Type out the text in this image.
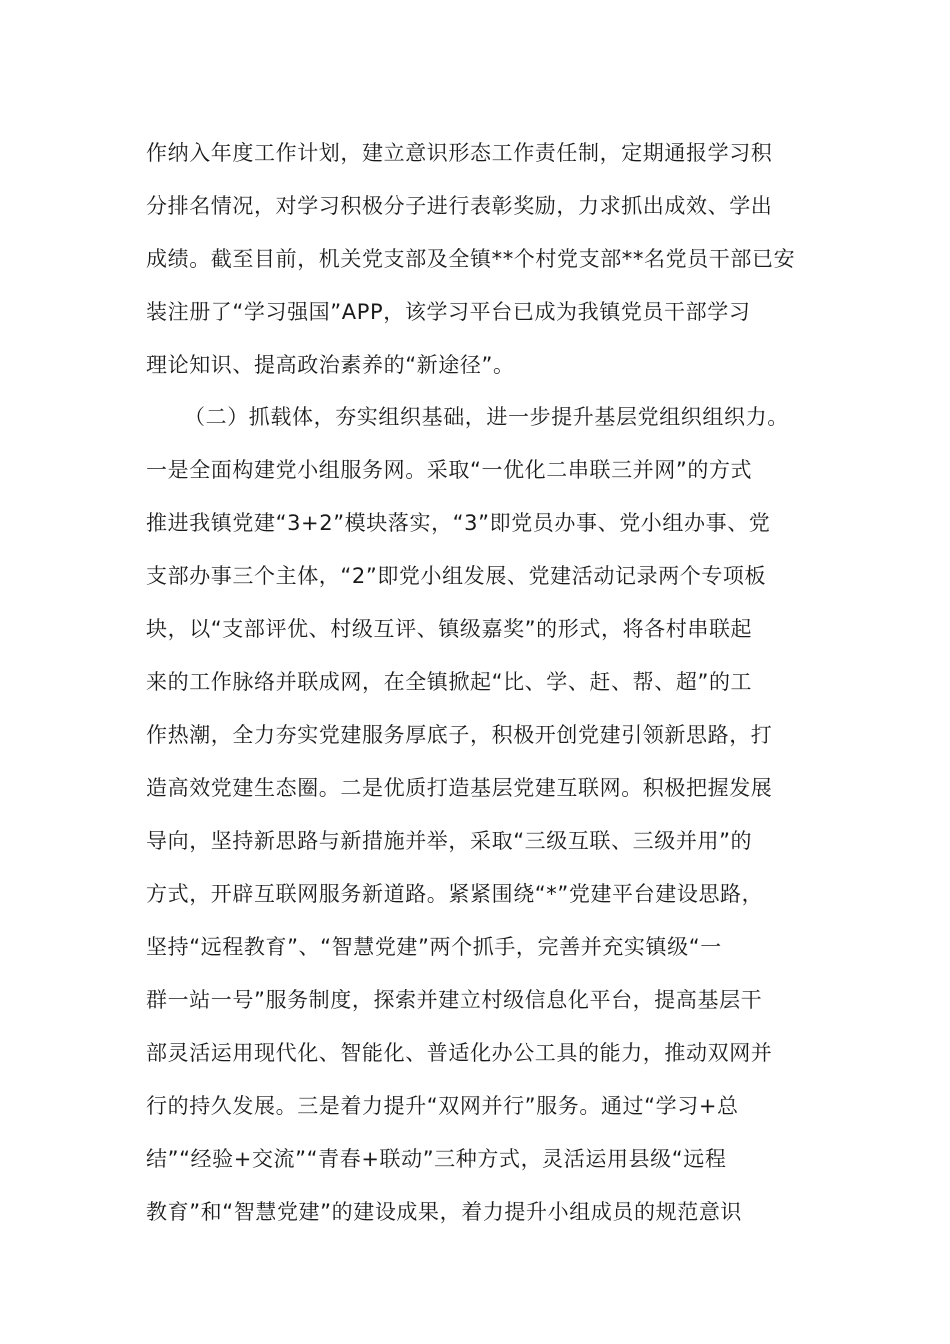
作纳入年度工作计划，建立意识形态工作责任制，定期通报学习积
分排名情况，对学习积极分子进行表彰奖励，力求抓出成效、学出
成绩。截至目前，机关党支部及全镇**个村党支部**名党员干部已安
装注册了“学习强国”APP，该学习平台已成为我镇党员干部学习
理论知识、提高政治素养的“新途径”。
（二）抓载体，夯实组织基础，进一步提升基层党组织组织力。
一是全面构建党小组服务网。采取“一优化二串联三并网”的方式
推进我镇党建“3+2”模块落实，“3”即党员办事、党小组办事、党
支部办事三个主体，“2”即党小组发展、党建活动记录两个专项板
块，以“支部评优、村级互评、镇级嘉奖”的形式，将各村串联起
来的工作脉络并联成网，在全镇掀起“比、学、赶、帮、超”的工
作热潮，全力夯实党建服务厚底子，积极开创党建引领新思路，打
造高效党建生态圈。二是优质打造基层党建互联网。积极把握发展
导向，坚持新思路与新措施并举，采取“三级互联、三级并用”的
方式，开辟互联网服务新道路。紧紧围绕“*”党建平台建设思路，
坚持“远程教育”、“智慧党建”两个抓手，完善并充实镇级“一
群一站一号”服务制度，探索并建立村级信息化平台，提高基层干
部灵活运用现代化、智能化、普适化办公工具的能力，推动双网并
行的持久发展。三是着力提升“双网并行”服务。通过“学习+总
结”“经验+交流”“青春+联动”三种方式，灵活运用县级“远程
教育”和“智慧党建”的建设成果，着力提升小组成员的规范意识
